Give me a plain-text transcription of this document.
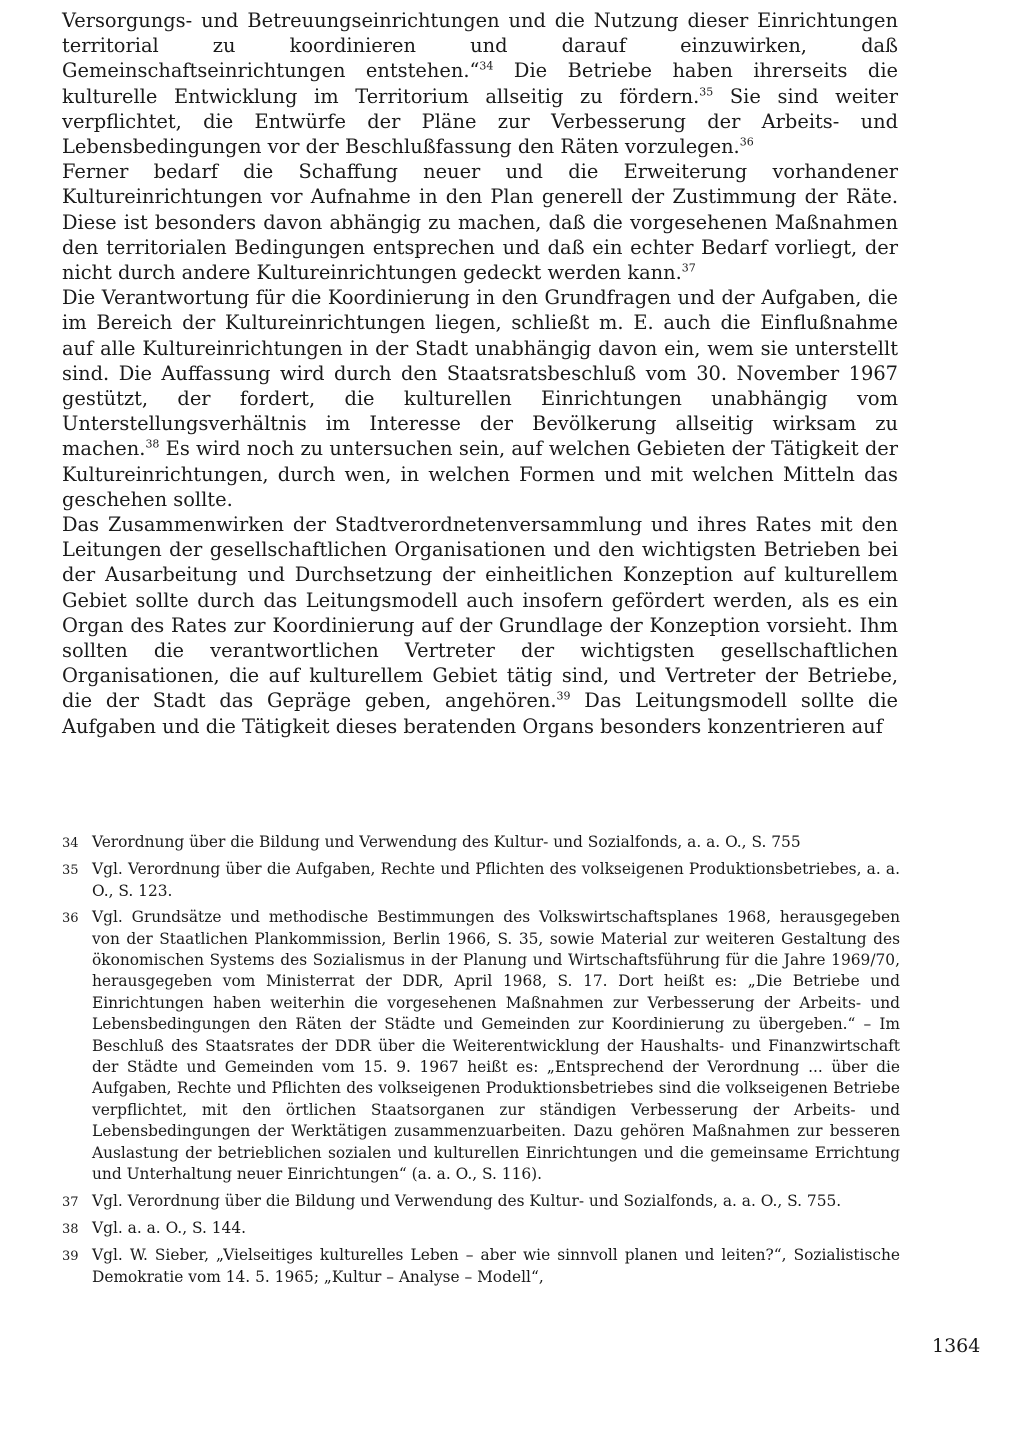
Versorgungs- und Betreuungseinrichtungen und die Nutzung dieser Einrichtungen territorial zu koordinieren und darauf einzuwirken, daß Gemeinschaftseinrichtungen entstehen.“$^{34}$ Die Betriebe haben ihrerseits die kulturelle Entwicklung im Territorium allseitig zu fördern.$^{35}$ Sie sind weiter verpflichtet, die Entwürfe der Pläne zur Verbesserung der Arbeits- und Lebensbedingungen vor der Beschlußfassung den Räten vorzulegen.$^{36}$

Ferner bedarf die Schaffung neuer und die Erweiterung vorhandener Kultureinrichtungen vor Aufnahme in den Plan generell der Zustimmung der Räte. Diese ist besonders davon abhängig zu machen, daß die vorgesehenen Maßnahmen den territorialen Bedingungen entsprechen und daß ein echter Bedarf vorliegt, der nicht durch andere Kultureinrichtungen gedeckt werden kann.$^{37}$

Die Verantwortung für die Koordinierung in den Grundfragen und der Aufgaben, die im Bereich der Kultureinrichtungen liegen, schließt m. E. auch die Einflußnahme auf alle Kultureinrichtungen in der Stadt unabhängig davon ein, wem sie unterstellt sind. Die Auffassung wird durch den Staatsratsbeschluß vom 30. November 1967 gestützt, der fordert, die kulturellen Einrichtungen unabhängig vom Unterstellungsverhältnis im Interesse der Bevölkerung allseitig wirksam zu machen.$^{38}$ Es wird noch zu untersuchen sein, auf welchen Gebieten der Tätigkeit der Kultureinrichtungen, durch wen, in welchen Formen und mit welchen Mitteln das geschehen sollte.

Das Zusammenwirken der Stadtverordnetenversammlung und ihres Rates mit den Leitungen der gesellschaftlichen Organisationen und den wichtigsten Betrieben bei der Ausarbeitung und Durchsetzung der einheitlichen Konzeption auf kulturellem Gebiet sollte durch das Leitungsmodell auch insofern gefördert werden, als es ein Organ des Rates zur Koordinierung auf der Grundlage der Konzeption vorsieht. Ihm sollten die verantwortlichen Vertreter der wichtigsten gesellschaftlichen Organisationen, die auf kulturellem Gebiet tätig sind, und Vertreter der Betriebe, die der Stadt das Gepräge geben, angehören.$^{39}$ Das Leitungsmodell sollte die Aufgaben und die Tätigkeit dieses beratenden Organs besonders konzentrieren auf

34 Verordnung über die Bildung und Verwendung des Kultur- und Sozialfonds, a. a. O., S. 755
35 Vgl. Verordnung über die Aufgaben, Rechte und Pflichten des volkseigenen Produktionsbetriebes, a. a. O., S. 123.
36 Vgl. Grundsätze und methodische Bestimmungen des Volkswirtschaftsplanes 1968, herausgegeben von der Staatlichen Plankommission, Berlin 1966, S. 35, sowie Material zur weiteren Gestaltung des ökonomischen Systems des Sozialismus in der Planung und Wirtschaftsführung für die Jahre 1969/70, herausgegeben vom Ministerrat der DDR, April 1968, S. 17. Dort heißt es: „Die Betriebe und Einrichtungen haben weiterhin die vorgesehenen Maßnahmen zur Verbesserung der Arbeits- und Lebensbedingungen den Räten der Städte und Gemeinden zur Koordinierung zu übergeben.“ – Im Beschluß des Staatsrates der DDR über die Weiterentwicklung der Haushalts- und Finanzwirtschaft der Städte und Gemeinden vom 15. 9. 1967 heißt es: „Entsprechend der Verordnung ... über die Aufgaben, Rechte und Pflichten des volkseigenen Produktionsbetriebes sind die volkseigenen Betriebe verpflichtet, mit den örtlichen Staatsorganen zur ständigen Verbesserung der Arbeits- und Lebensbedingungen der Werktätigen zusammenzuarbeiten. Dazu gehören Maßnahmen zur besseren Auslastung der betrieblichen sozialen und kulturellen Einrichtungen und die gemeinsame Errichtung und Unterhaltung neuer Einrichtungen“ (a. a. O., S. 116).
37 Vgl. Verordnung über die Bildung und Verwendung des Kultur- und Sozialfonds, a. a. O., S. 755.
38 Vgl. a. a. O., S. 144.
39 Vgl. W. Sieber, „Vielseitiges kulturelles Leben – aber wie sinnvoll planen und leiten?“, Sozialistische Demokratie vom 14. 5. 1965; „Kultur – Analyse – Modell“,
1364
